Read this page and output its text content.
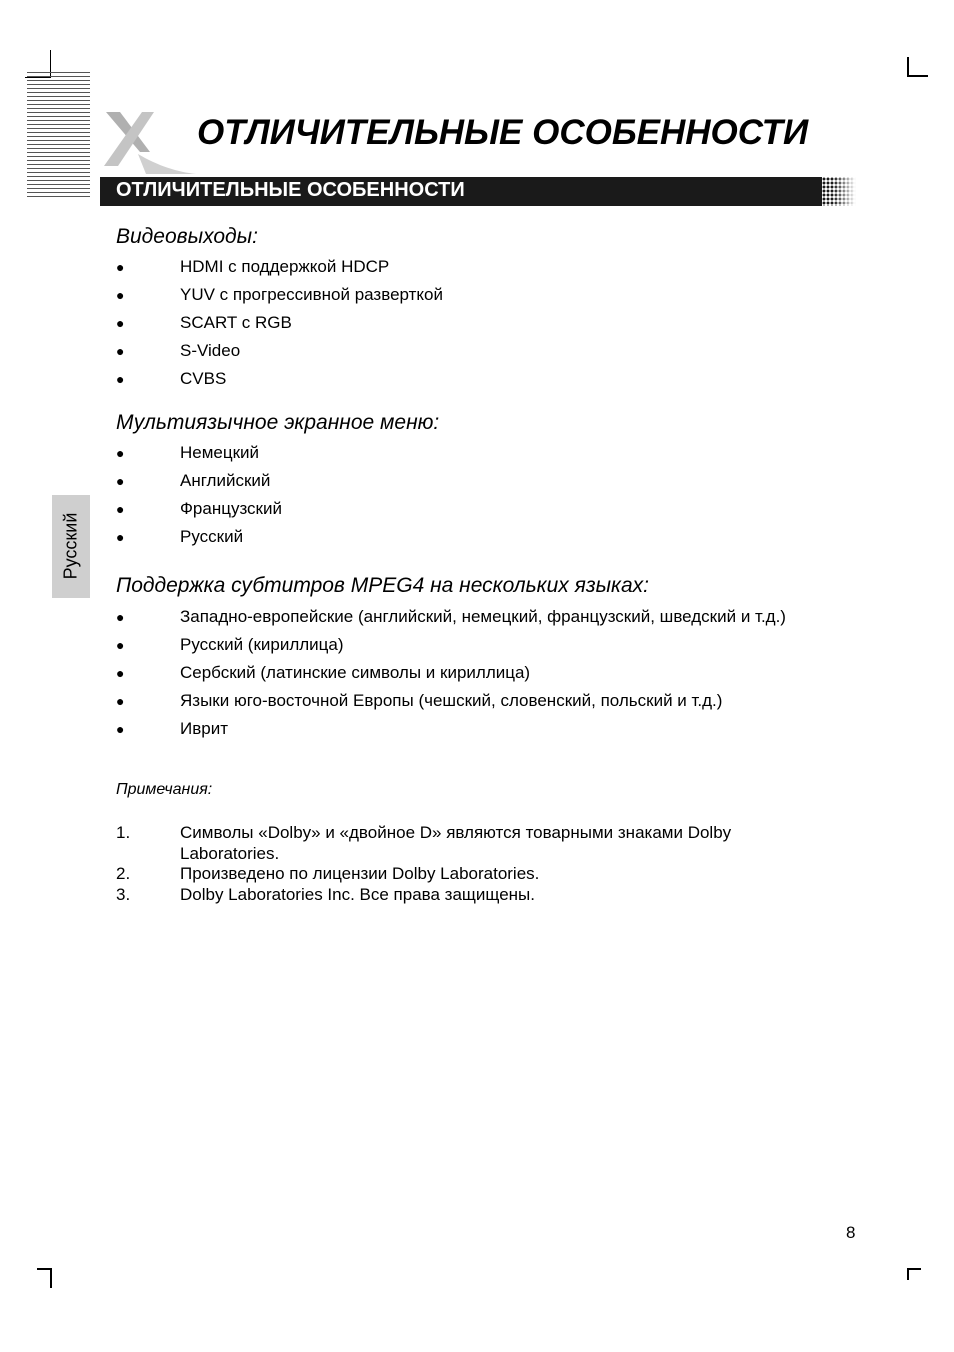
ОТЛИЧИТЕЛЬНЫЕ ОСОБЕННОСТИ
ОТЛИЧИТЕЛЬНЫЕ ОСОБЕННОСТИ
Русский
Видеовыходы:
●	HDMI с поддержкой HDCP
●	YUV с прогрессивной разверткой
●	SCART с RGB
●	S-Video
●	CVBS
Мультиязычное экранное меню:
●	Немецкий
●	Английский
●	Французский
●	Русский
Поддержка субтитров MPEG4 на нескольких языках:
●	Западно-европейские (английский, немецкий, французский, шведский и т.д.)
●	Русский (кириллица)
●	Сербский (латинские символы и кириллица)
●	Языки юго-восточной Европы (чешский, словенский, польский и т.д.)
●	Иврит
Примечания:
1.	Символы «Dolby» и «двойное D» являются товарными знаками Dolby Laboratories.
2.	Произведено по лицензии Dolby Laboratories.
3.	Dolby Laboratories Inc. Все права защищены.
8
